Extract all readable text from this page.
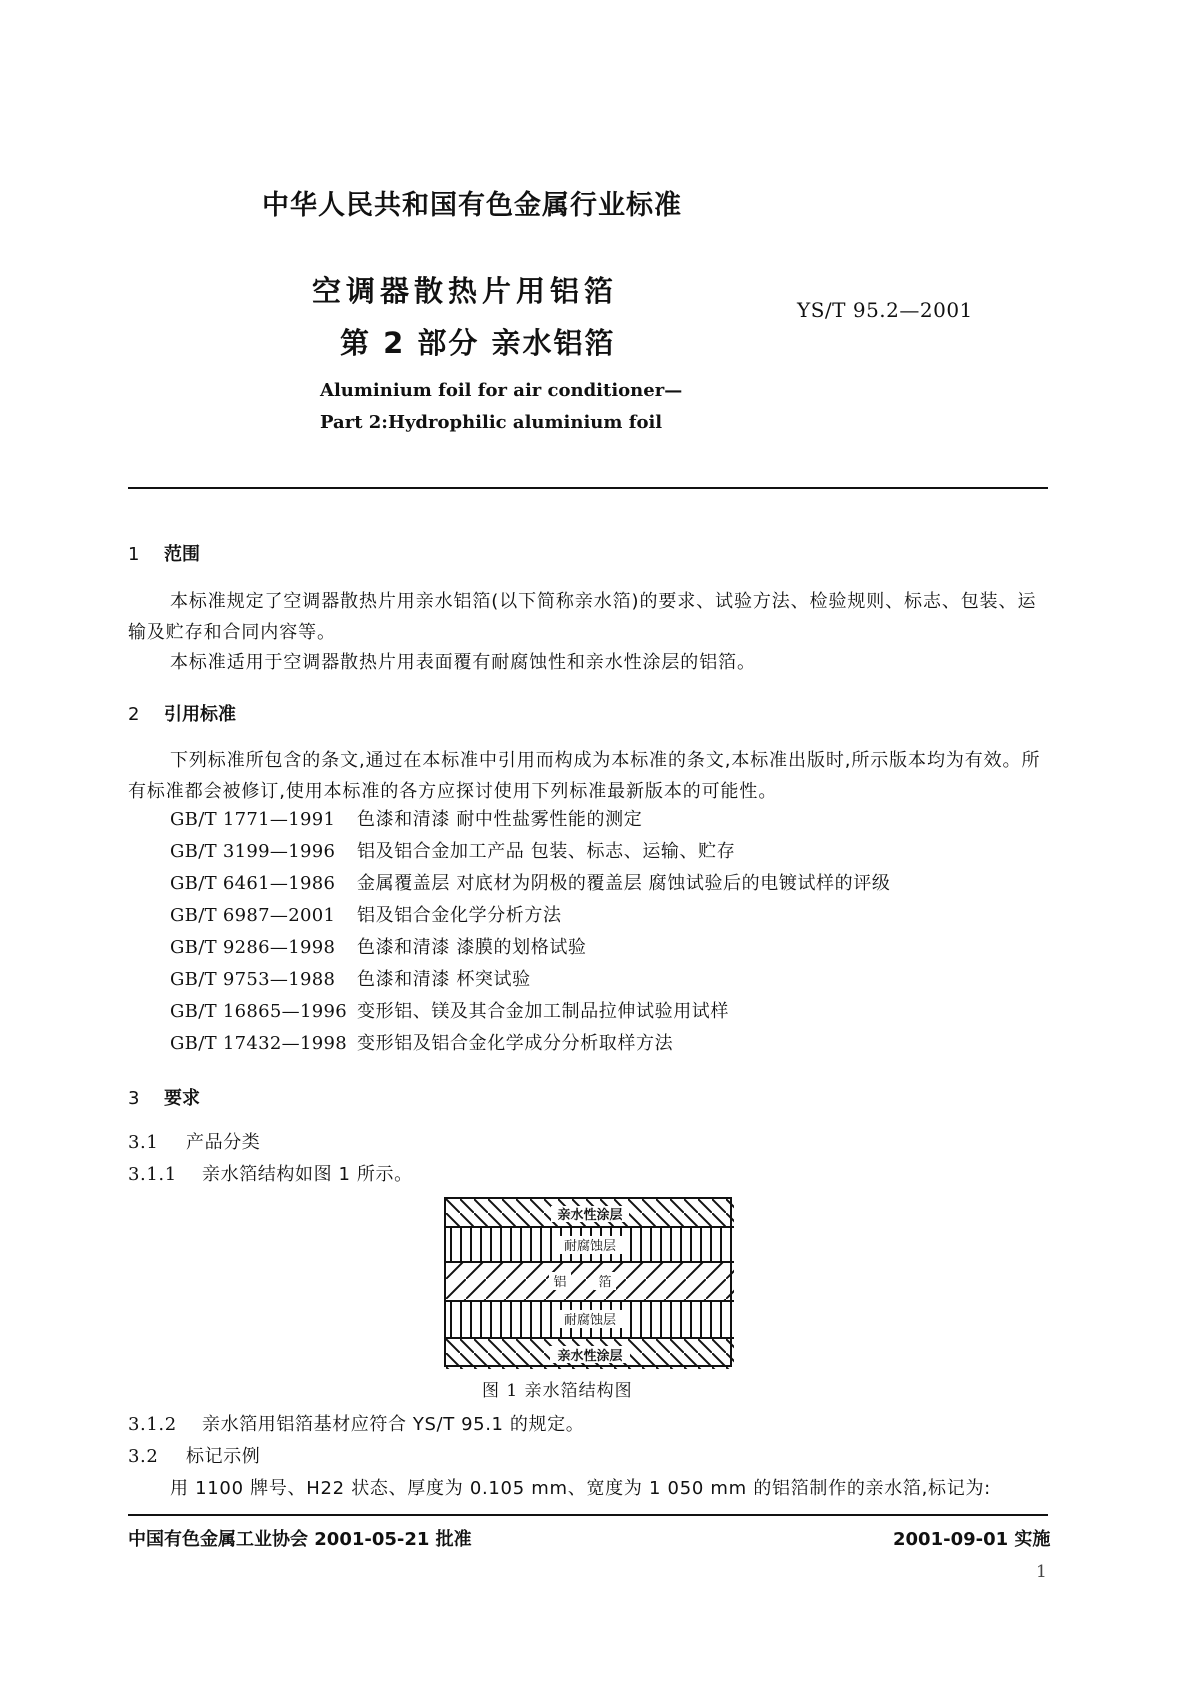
中华人民共和国有色金属行业标准
空调器散热片用铝箔
第 2 部分 亲水铝箔
YS/T 95.2—2001
Aluminium foil for air conditioner—
Part 2:Hydrophilic aluminium foil
1 范围
本标准规定了空调器散热片用亲水铝箔(以下简称亲水箔)的要求、试验方法、检验规则、标志、包装、运输及贮存和合同内容等。
本标准适用于空调器散热片用表面覆有耐腐蚀性和亲水性涂层的铝箔。
2 引用标准
下列标准所包含的条文,通过在本标准中引用而构成为本标准的条文,本标准出版时,所示版本均为有效。所有标准都会被修订,使用本标准的各方应探讨使用下列标准最新版本的可能性。
GB/T 1771—1991 色漆和清漆 耐中性盐雾性能的测定
GB/T 3199—1996 铝及铝合金加工产品 包装、标志、运输、贮存
GB/T 6461—1986 金属覆盖层 对底材为阴极的覆盖层 腐蚀试验后的电镀试样的评级
GB/T 6987—2001 铝及铝合金化学分析方法
GB/T 9286—1998 色漆和清漆 漆膜的划格试验
GB/T 9753—1988 色漆和清漆 杯突试验
GB/T 16865—1996 变形铝、镁及其合金加工制品拉伸试验用试样
GB/T 17432—1998 变形铝及铝合金化学成分分析取样方法
3 要求
3.1 产品分类
3.1.1 亲水箔结构如图 1 所示。
亲水性涂层
耐腐蚀层
铝 箔
耐腐蚀层
亲水性涂层
图 1 亲水箔结构图
3.1.2 亲水箔用铝箔基材应符合 YS/T 95.1 的规定。
3.2 标记示例
用 1100 牌号、H22 状态、厚度为 0.105 mm、宽度为 1 050 mm 的铝箔制作的亲水箔,标记为:
中国有色金属工业协会 2001-05-21 批准	2001-09-01 实施
1
